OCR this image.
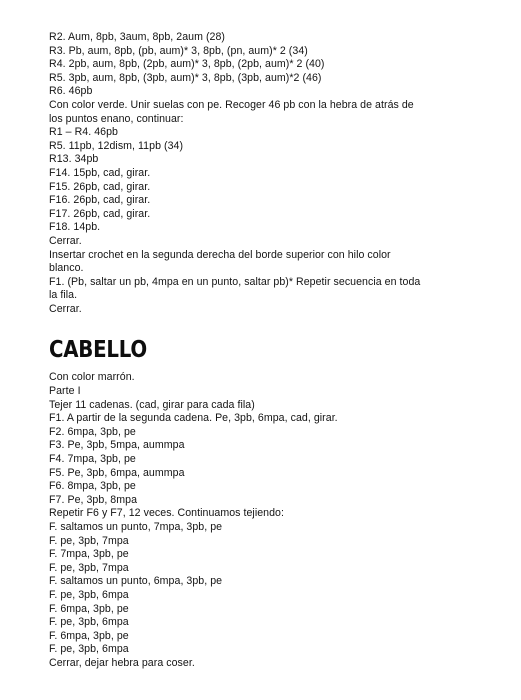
R2. Aum, 8pb, 3aum, 8pb, 2aum (28)
R3. Pb, aum, 8pb, (pb, aum)* 3, 8pb, (pn, aum)* 2 (34)
R4. 2pb, aum, 8pb, (2pb, aum)* 3, 8pb, (2pb, aum)* 2 (40)
R5. 3pb, aum, 8pb, (3pb, aum)* 3, 8pb, (3pb, aum)*2 (46)
R6. 46pb
Con color verde. Unir suelas con pe. Recoger 46 pb con la hebra de atrás de
los puntos enano, continuar:
R1 – R4. 46pb
R5. 11pb, 12dism, 11pb (34)
R13. 34pb
F14. 15pb, cad, girar.
F15. 26pb, cad, girar.
F16. 26pb, cad, girar.
F17. 26pb, cad, girar.
F18. 14pb.
Cerrar.
Insertar crochet en la segunda derecha del borde superior con hilo color
blanco.
F1. (Pb, saltar un pb, 4mpa en un punto, saltar pb)* Repetir secuencia en toda
la fila.
Cerrar.
CABELLO
Con color marrón.
Parte I
Tejer 11 cadenas. (cad, girar para cada fila)
F1. A partir de la segunda cadena. Pe, 3pb, 6mpa, cad, girar.
F2. 6mpa, 3pb, pe
F3. Pe, 3pb, 5mpa, aummpa
F4. 7mpa, 3pb, pe
F5. Pe, 3pb, 6mpa, aummpa
F6. 8mpa, 3pb, pe
F7. Pe, 3pb, 8mpa
Repetir F6 y F7, 12 veces. Continuamos tejiendo:
F. saltamos un punto, 7mpa, 3pb, pe
F. pe, 3pb, 7mpa
F. 7mpa, 3pb, pe
F. pe, 3pb, 7mpa
F. saltamos un punto, 6mpa, 3pb, pe
F. pe, 3pb, 6mpa
F. 6mpa, 3pb, pe
F. pe, 3pb, 6mpa
F. 6mpa, 3pb, pe
F. pe, 3pb, 6mpa
Cerrar, dejar hebra para coser.
